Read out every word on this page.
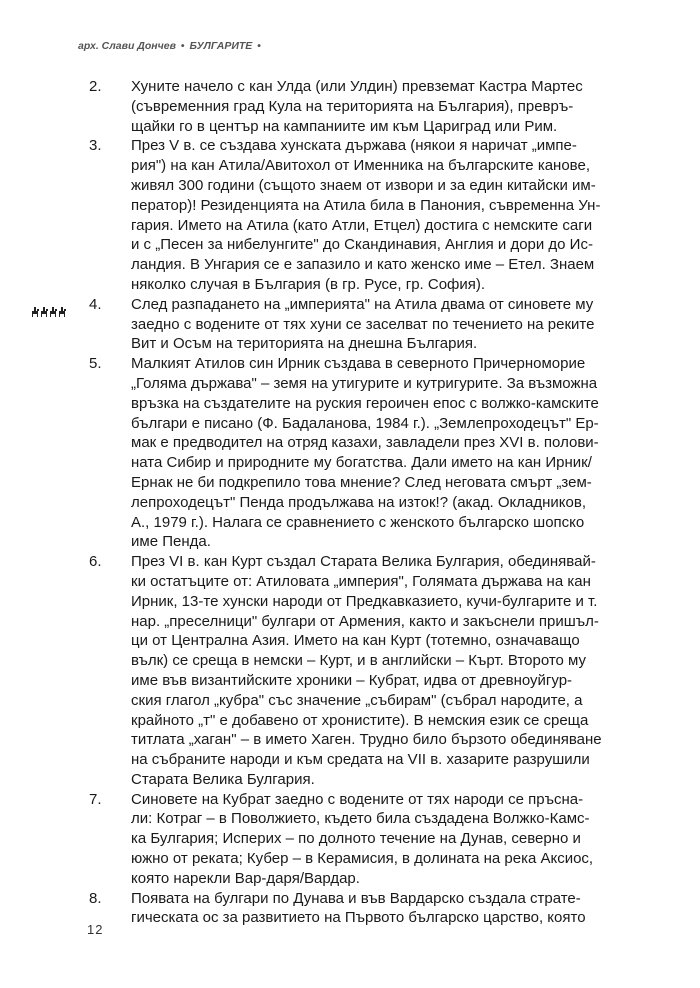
арх. Слави Дончев • БУЛГАРИТЕ •
2.	Хуните начело с кан Улда (или Улдин) превземат Кастра Мартес
(съвременния град Кула на територията на България), превръ-
щайки го в център на кампаниите им към Цариград или Рим.
3.	През V в. се създава хунската държава (някои я наричат „импе-
рия") на кан Атила/Авитохол от Именника на българските канове,
живял 300 години (същото знаем от извори и за един китайски им-
ператор)! Резиденцията на Атила била в Панония, съвременна Ун-
гария. Името на Атила (като Атли, Етцел) достига с немските саги
и с „Песен за нибелунгите" до Скандинавия, Англия и дори до Ис-
ландия. В Унгария се е запазило и като женско име – Етел. Знаем
няколко случая в България (в гр. Русе, гр. София).
4.	След разпадането на „империята" на Атила двама от синовете му
заедно с водените от тях хуни се заселват по течението на реките
Вит и Осъм на територията на днешна България.
5.	Малкият Атилов син Ирник създава в северното Причерноморие
„Голяма държава" – земя на утигурите и кутригурите. За възможна
връзка на създателите на руския героичен епос с волжко-камските
българи е писано (Ф. Бадаланова, 1984 г.). „Землепроходецът" Ер-
мак е предводител на отряд казахи, завладели през XVI в. полови-
ната Сибир и природните му богатства. Дали името на кан Ирник/
Ернак не би подкрепило това мнение? След неговата смърт „зем-
лепроходецът" Пенда продължава на изток!? (акад. Окладников,
А., 1979 г.). Налага се сравнението с женското българско шопско
име Пенда.
6.	През VI в. кан Курт създал Старата Велика Булгария, обединявай-
ки остатъците от: Атиловата „империя", Голямата държава на кан
Ирник, 13-те хунски народи от Предкавказието, кучи-булгарите и т.
нар. „преселници" булгари от Армения, както и закъснели пришъл-
ци от Централна Азия. Името на кан Курт (тотемно, означаващо
вълк) се среща в немски – Курт, и в английски – Кърт. Второто му
име във византийските хроники – Кубрат, идва от древноуйгур-
ския глагол „кубра" със значение „събирам" (събрал народите, а
крайното „т" е добавено от хронистите). В немския език се среща
титлата „хаган" – в името Хаген. Трудно било бързото обединяване
на събраните народи и към средата на VII в. хазарите разрушили
Старата Велика Булгария.
7.	Синовете на Кубрат заедно с водените от тях народи се пръсна-
ли: Котраг – в Поволжието, където била създадена Волжко-Камс-
ка Булгария; Исперих – по долното течение на Дунав, северно и
южно от реката; Кубер – в Керамисия, в долината на река Аксиос,
която нарекли Вар-даря/Вардар.
8.	Появата на булгари по Дунава и във Вардарско създала страте-
гическата ос за развитието на Първото българско царство, която
12
